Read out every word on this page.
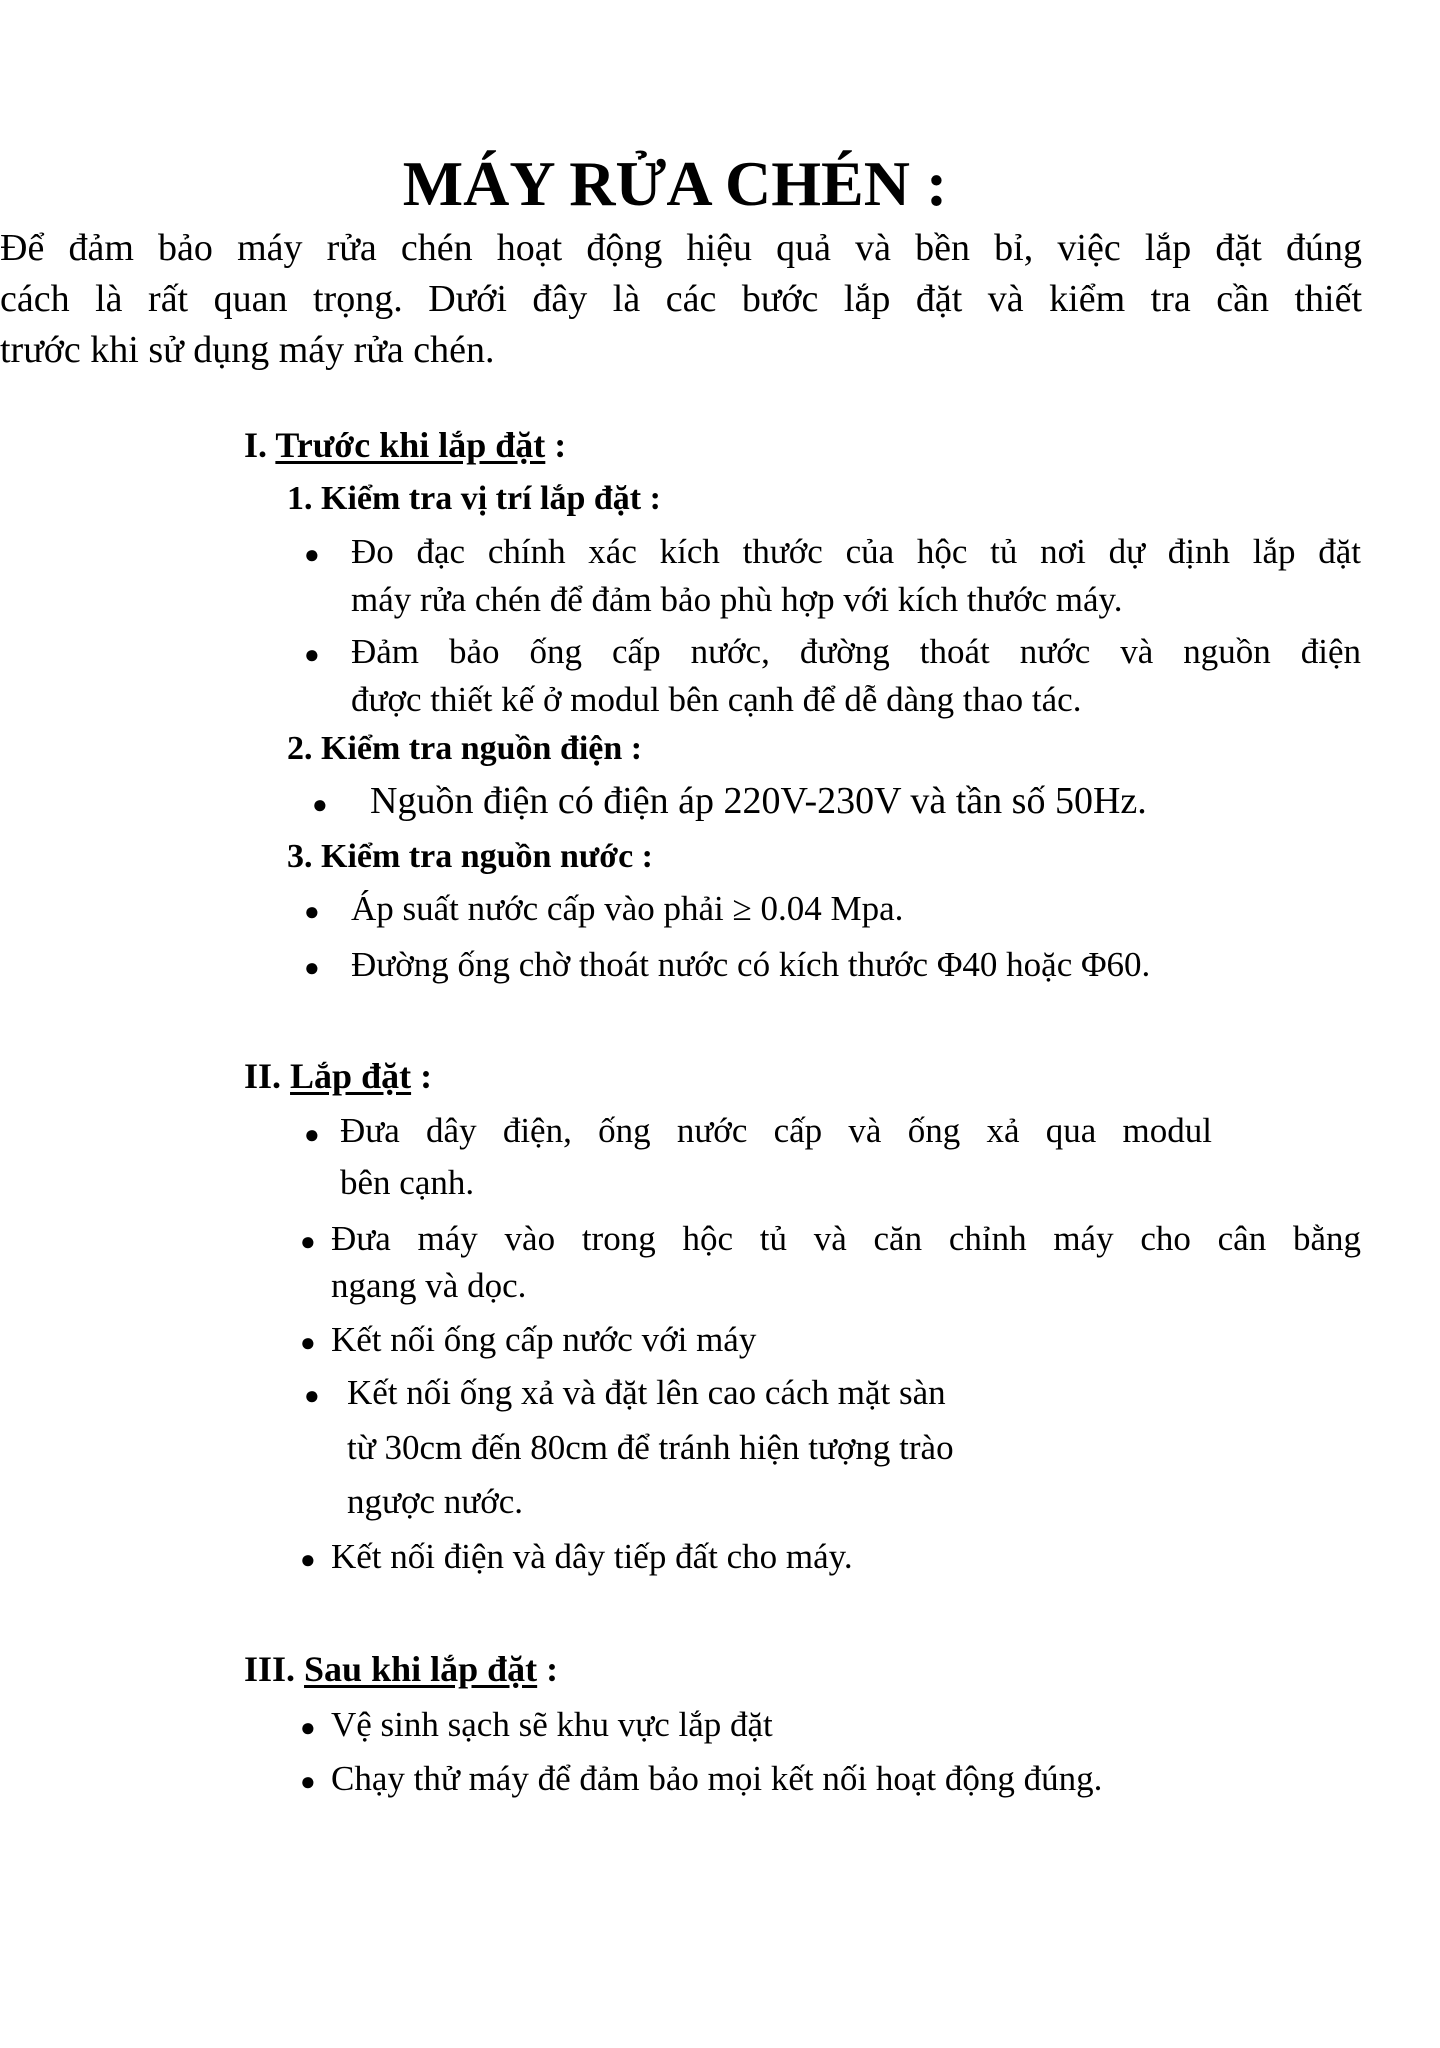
MÁY RỬA CHÉN :
Để đảm bảo máy rửa chén hoạt động hiệu quả và bền bỉ, việc lắp đặt đúng
cách là rất quan trọng. Dưới đây là các bước lắp đặt và kiểm tra cần thiết
trước khi sử dụng máy rửa chén.
I. Trước khi lắp đặt :
1. Kiểm tra vị trí lắp đặt :
● Đo đạc chính xác kích thước của hộc tủ nơi dự định lắp đặt
máy rửa chén để đảm bảo phù hợp với kích thước máy.
● Đảm bảo ống cấp nước, đường thoát nước và nguồn điện
được thiết kế ở modul bên cạnh để dễ dàng thao tác.
2. Kiểm tra nguồn điện :
● Nguồn điện có điện áp 220V-230V và tần số 50Hz.
3. Kiểm tra nguồn nước :
● Áp suất nước cấp vào phải ≥ 0.04 Mpa.
● Đường ống chờ thoát nước có kích thước Φ40 hoặc Φ60.
II. Lắp đặt :
● Đưa dây điện, ống nước cấp và ống xả qua modul
bên cạnh.
● Đưa máy vào trong hộc tủ và căn chỉnh máy cho cân bằng
ngang và dọc.
● Kết nối ống cấp nước với máy
● Kết nối ống xả và đặt lên cao cách mặt sàn
từ 30cm đến 80cm để tránh hiện tượng trào
ngược nước.
● Kết nối điện và dây tiếp đất cho máy.
III. Sau khi lắp đặt :
● Vệ sinh sạch sẽ khu vực lắp đặt
● Chạy thử máy để đảm bảo mọi kết nối hoạt động đúng.
